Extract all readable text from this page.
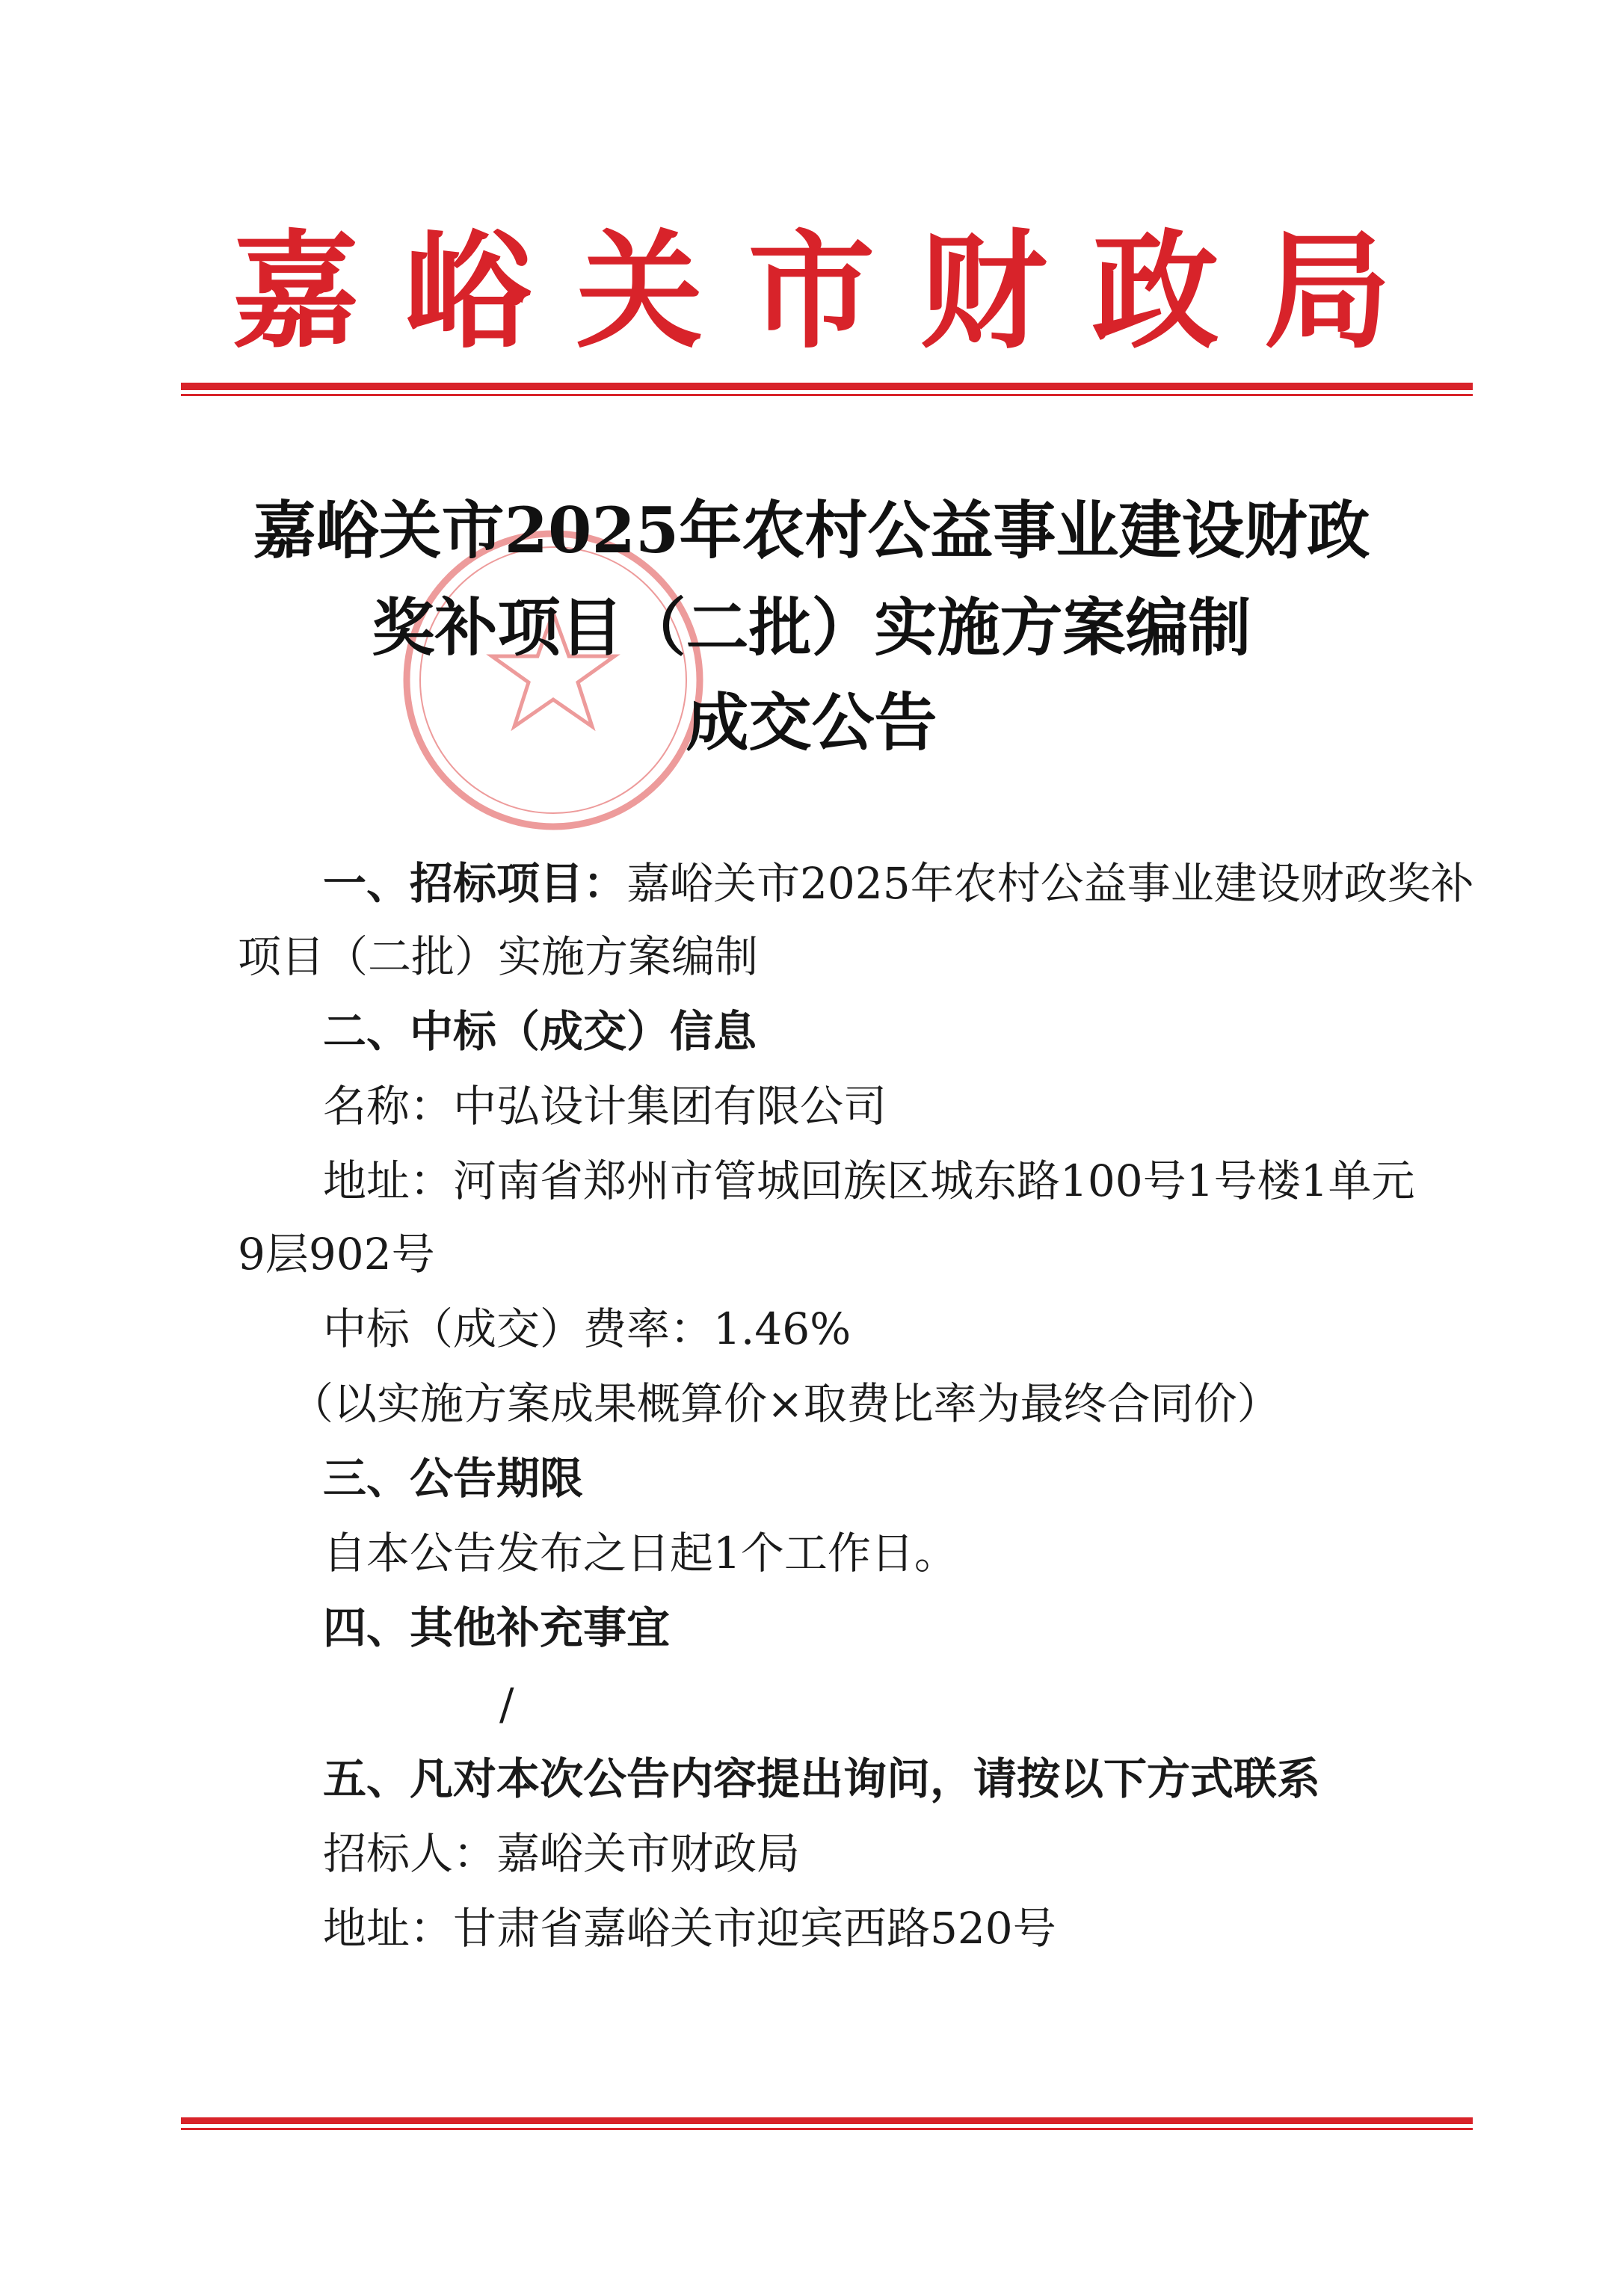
嘉峪关市财政局
嘉峪关市2025年农村公益事业建设财政
奖补项目（二批）实施方案编制
成交公告
一、招标项目：嘉峪关市2025年农村公益事业建设财政奖补
项目（二批）实施方案编制
二、中标（成交）信息
名称：中弘设计集团有限公司
地址：河南省郑州市管城回族区城东路100号1号楼1单元
9层902号
中标（成交）费率：1.46%
（以实施方案成果概算价×取费比率为最终合同价）
三、公告期限
自本公告发布之日起1个工作日。
四、其他补充事宜
/
五、凡对本次公告内容提出询问，请按以下方式联系
招标人：嘉峪关市财政局
地址：甘肃省嘉峪关市迎宾西路520号
